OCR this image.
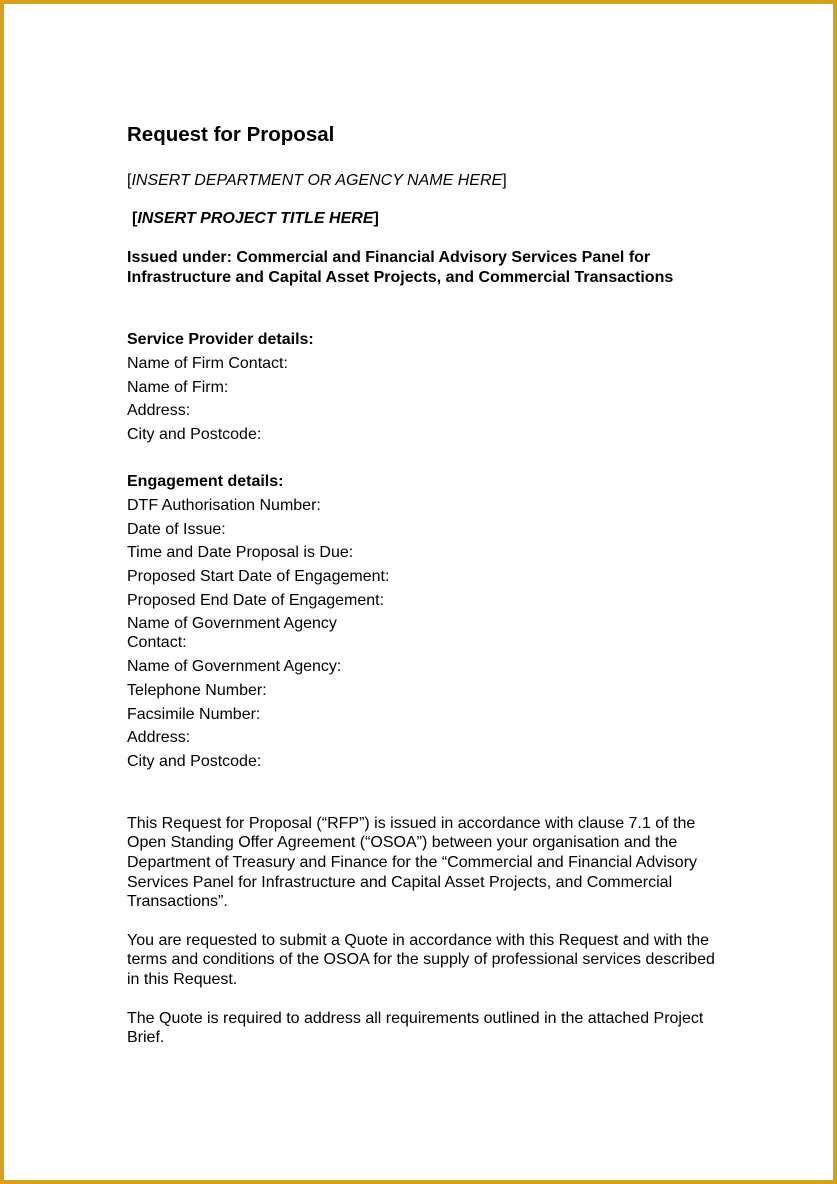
Request for Proposal
[INSERT DEPARTMENT OR AGENCY NAME HERE]
[INSERT PROJECT TITLE HERE]
Issued under: Commercial and Financial Advisory Services Panel for Infrastructure and Capital Asset Projects, and Commercial Transactions
Service Provider details:
Name of Firm Contact:
Name of Firm:
Address:
City and Postcode:
Engagement details:
DTF Authorisation Number:
Date of Issue:
Time and Date Proposal is Due:
Proposed Start Date of Engagement:
Proposed End Date of Engagement:
Name of Government Agency Contact:
Name of Government Agency:
Telephone Number:
Facsimile Number:
Address:
City and Postcode:
This Request for Proposal (“RFP”) is issued in accordance with clause 7.1 of the Open Standing Offer Agreement (“OSOA”) between your organisation and the Department of Treasury and Finance for the “Commercial and Financial Advisory Services Panel for Infrastructure and Capital Asset Projects, and Commercial Transactions”.
You are requested to submit a Quote in accordance with this Request and with the terms and conditions of the OSOA for the supply of professional services described in this Request.
The Quote is required to address all requirements outlined in the attached Project Brief.
